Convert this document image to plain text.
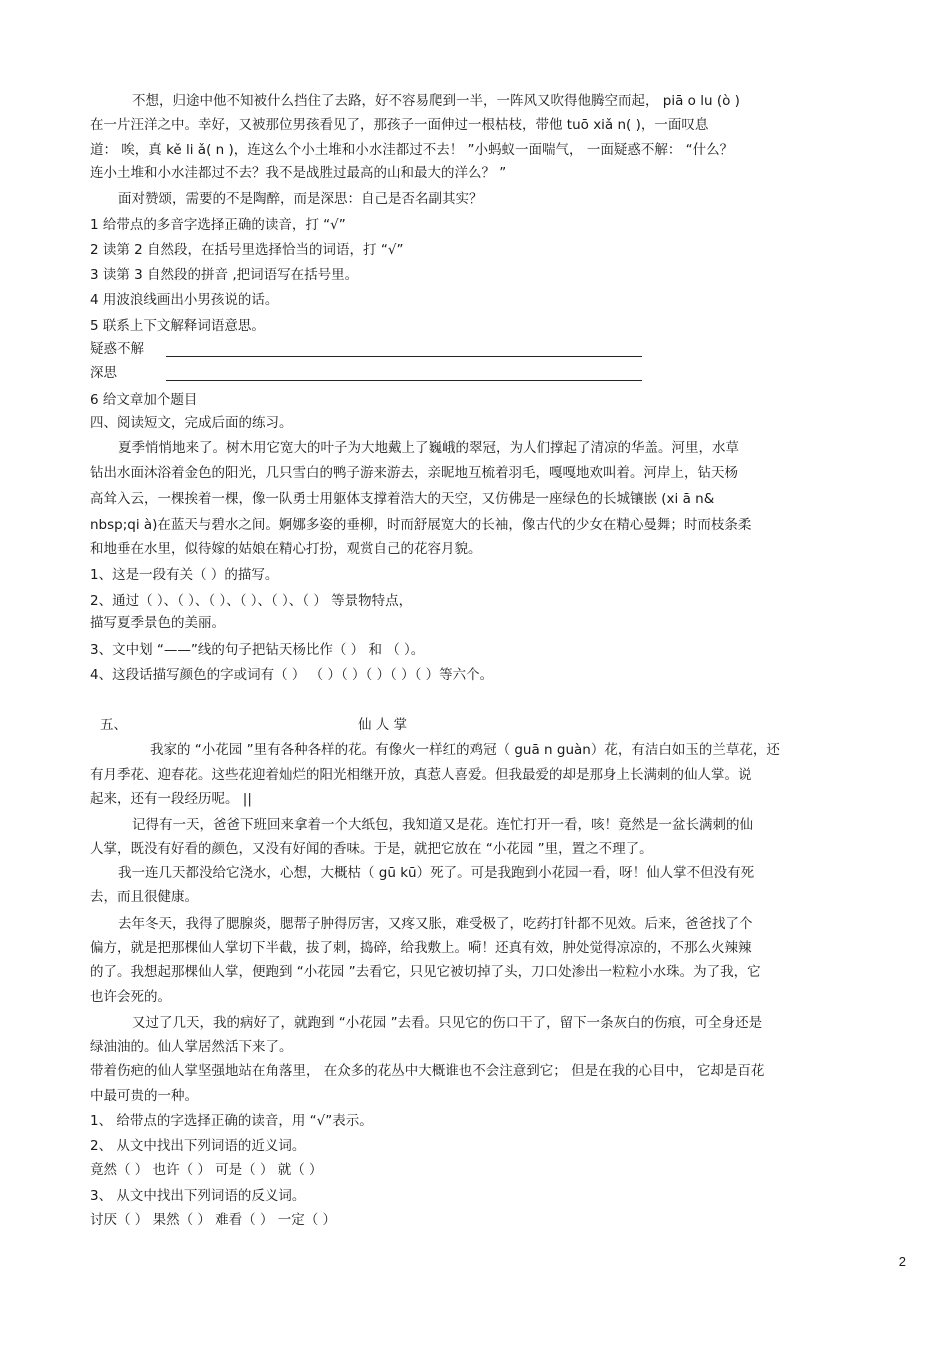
不想，归途中他不知被什么挡住了去路，好不容易爬到一半，一阵风又吹得他腾空而起， piā o lu (ò )
在一片汪洋之中。幸好，又被那位男孩看见了，那孩子一面伸过一根枯枝，带他 tuō xiǎ n( )，一面叹息
道： 唉，真 kě li ǎ( n )，连这么个小土堆和小水洼都过不去！ ”小蚂蚁一面喘气， 一面疑惑不解： “什么？
连小土堆和小水洼都过不去？我不是战胜过最高的山和最大的洋么？ ”
面对赞颂，需要的不是陶醉，而是深思：自己是否名副其实？
1 给带点的多音字选择正确的读音，打 “√”
2 读第 2 自然段，在括号里选择恰当的词语，打 “√”
3 读第 3 自然段的拼音 ,把词语写在括号里。
4 用波浪线画出小男孩说的话。
5 联系上下文解释词语意思。
疑惑不解
深思
6 给文章加个题目
四、阅读短文，完成后面的练习。
夏季悄悄地来了。树木用它宽大的叶子为大地戴上了巍峨的翠冠，为人们撑起了清凉的华盖。河里，水草
钻出水面沐浴着金色的阳光，几只雪白的鸭子游来游去，亲昵地互梳着羽毛，嘎嘎地欢叫着。河岸上，钻天杨
高耸入云，一棵挨着一棵，像一队勇士用躯体支撑着浩大的天空，又仿佛是一座绿色的长城镶嵌 (xi ā n&
nbsp;qi à)在蓝天与碧水之间。婀娜多姿的垂柳，时而舒展宽大的长袖，像古代的少女在精心曼舞；时而枝条柔
和地垂在水里，似待嫁的姑娘在精心打扮，观赏自己的花容月貌。
1、这是一段有关（ ）的描写。
2、通过（ ）、（ ）、（ ）、（ ）、（ ）、（ ） 等景物特点，
描写夏季景色的美丽。
3、文中划 “——”线的句子把钻天杨比作（ ） 和 （ ）。
4、这段话描写颜色的字或词有（ ） （ ）（ ）（ ）（ ）（ ）等六个。
五、	仙 人 掌
我家的 “小花园 ”里有各种各样的花。有像火一样红的鸡冠（ guā n guàn）花，有洁白如玉的兰草花，还
有月季花、迎春花。这些花迎着灿烂的阳光相继开放，真惹人喜爱。但我最爱的却是那身上长满刺的仙人掌。说
起来，还有一段经历呢。 ||
记得有一天，爸爸下班回来拿着一个大纸包，我知道又是花。连忙打开一看，咳！竟然是一盆长满刺的仙
人掌，既没有好看的颜色，又没有好闻的香味。于是，就把它放在 “小花园 ”里，置之不理了。
我一连几天都没给它浇水，心想，大概枯（ gū kū）死了。可是我跑到小花园一看，呀！仙人掌不但没有死
去，而且很健康。
去年冬天，我得了腮腺炎，腮帮子肿得厉害，又疼又胀，难受极了，吃药打针都不见效。后来，爸爸找了个
偏方，就是把那棵仙人掌切下半截，拔了刺，捣碎，给我敷上。嗬！还真有效，肿处觉得凉凉的，不那么火辣辣
的了。我想起那棵仙人掌，便跑到 “小花园 ”去看它，只见它被切掉了头，刀口处渗出一粒粒小水珠。为了我，它
也许会死的。
又过了几天，我的病好了，就跑到 “小花园 ”去看。只见它的伤口干了，留下一条灰白的伤痕，可全身还是
绿油油的。仙人掌居然活下来了。
带着伤疤的仙人掌坚强地站在角落里， 在众多的花丛中大概谁也不会注意到它； 但是在我的心目中， 它却是百花
中最可贵的一种。
1、 给带点的字选择正确的读音，用 “√”表示。
2、 从文中找出下列词语的近义词。
竟然（ ） 也许（ ） 可是（ ） 就（ ）
3、 从文中找出下列词语的反义词。
讨厌（ ） 果然（ ） 难看（ ） 一定（ ）
2
